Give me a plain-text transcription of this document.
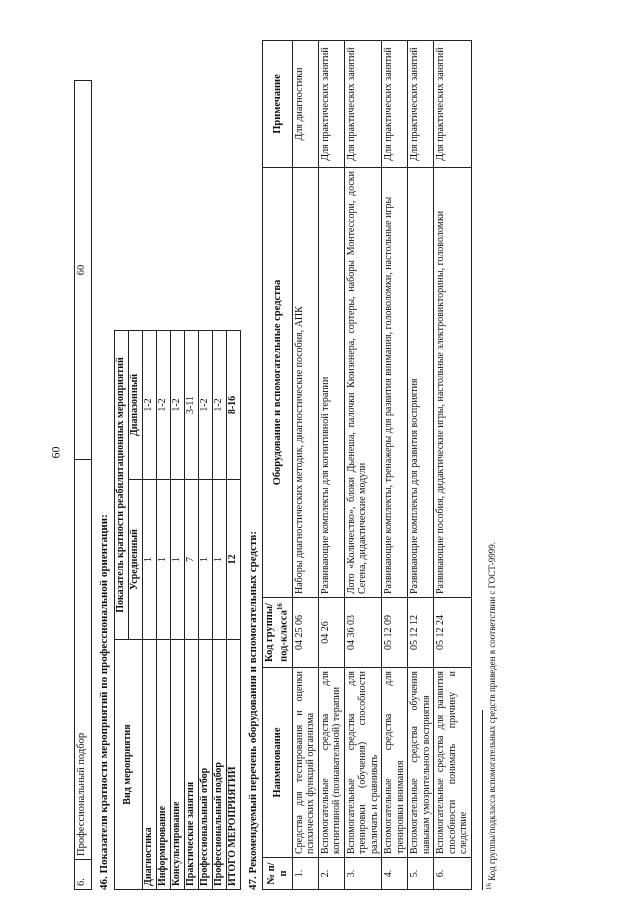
60
6.	Профессиональный подбор	60
46. Показатели кратности мероприятий по профессиональной ориентации: Вид мероприятия	Показатель кратности реабилитационных мероприятий	
	Усредненный	Диапазонный
Диагностика	1	1-2
Информирование	1	1-2
Консультирование	1	1-2
Практические занятия	7	3-11
Профессиональный отбор	1	1-2
Профессиональный подбор	1	1-2
ИТОГО МЕРОПРИЯТИЙ	12	8-16
47. Рекомендуемый перечень оборудования и вспомогательных средств: № п/п	Наименование	Код группы/под-класса$^{16}$	Оборудование и вспомогательные средства	Примечание
1.	Средства для тестирования и оценки психических функций организма	04 25 06	Наборы диагностических методик, диагностические пособия, АПК	Для диагностики
2.	Вспомогательные средства для когнитивной (познавательной) терапии	04 26	Развивающие комплекты для когнитивной терапии	Для практических занятий
3.	Вспомогательные средства для тренировки (обучения) способности различать и сравнивать	04 36 03	Лото «Количество», блоки Дьенеша, палочки Кюизенера, сортеры, наборы Монтессори, доски Сегена, дидактические модули	Для практических занятий
4.	Вспомогательные средства для тренировки внимания	05 12 09	Развивающие комплекты, тренажеры для развития внимания, головоломки, настольные игры	Для практических занятий
5.	Вспомогательные средства обучения навыкам умозрительного восприятия	05 12 12	Развивающие комплекты для развития восприятия	Для практических занятий
6.	Вспомогательные средства для развития способности понимать причину и следствие	05 12 24	Развивающие пособия, дидактические игры, настольные электровикторины, головоломки	Для практических занятий
$^{16}$ Код группы/подкласса вспомогательных средств приведен в соответствии с ГОСТ-9999.
